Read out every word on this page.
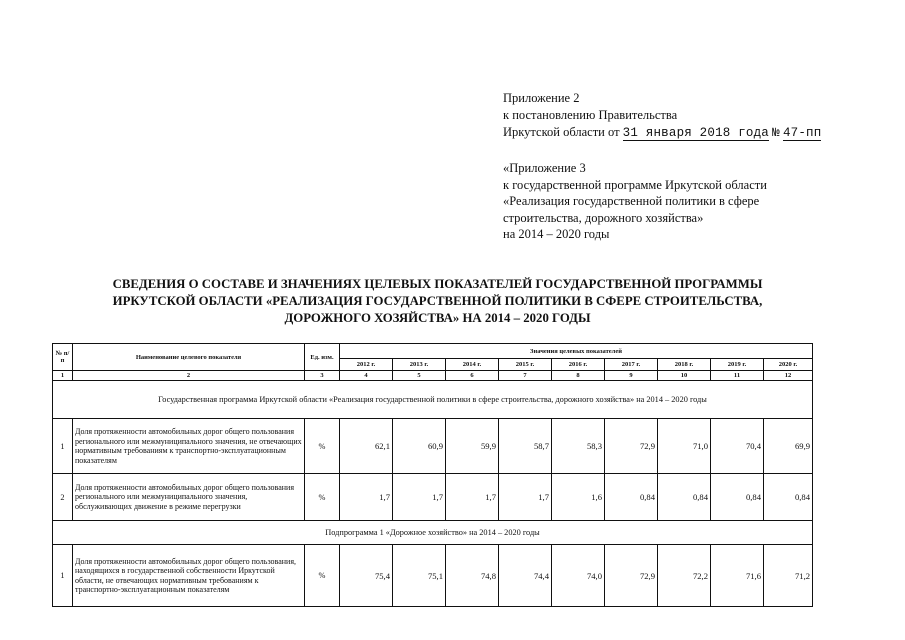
Приложение 2
к постановлению Правительства
Иркутской области от 31 января 2018 года № 47-пп
«Приложение 3
к государственной программе Иркутской области
«Реализация государственной политики в сфере
строительства, дорожного хозяйства»
на 2014 – 2020 годы
СВЕДЕНИЯ О СОСТАВЕ И ЗНАЧЕНИЯХ ЦЕЛЕВЫХ ПОКАЗАТЕЛЕЙ ГОСУДАРСТВЕННОЙ ПРОГРАММЫ
ИРКУТСКОЙ ОБЛАСТИ «РЕАЛИЗАЦИЯ ГОСУДАРСТВЕННОЙ ПОЛИТИКИ В СФЕРЕ СТРОИТЕЛЬСТВА,
ДОРОЖНОГО ХОЗЯЙСТВА» НА 2014 – 2020 ГОДЫ
№ п/п	Наименование целевого показателя	Ед. изм.	Значения целевых показателей								
			2012 г.	2013 г.	2014 г.	2015 г.	2016 г.	2017 г.	2018 г.	2019 г.	2020 г.
1	2	3	4	5	6	7	8	9	10	11	12
Государственная программа Иркутской области «Реализация государственной политики в сфере строительства, дорожного хозяйства» на 2014 – 2020 годы											
1	Доля протяженности автомобильных дорог общего пользования регионального или межмуниципального значения, не отвечающих нормативным требованиям к транспортно-эксплуатационным показателям	%	62,1	60,9	59,9	58,7	58,3	72,9	71,0	70,4	69,9
2	Доля протяженности автомобильных дорог общего пользования регионального или межмуниципального значения, обслуживающих движение в режиме перегрузки	%	1,7	1,7	1,7	1,7	1,6	0,84	0,84	0,84	0,84
Подпрограмма 1 «Дорожное хозяйство» на 2014 – 2020 годы											
1	Доля протяженности автомобильных дорог общего пользования, находящихся в государственной собственности Иркутской области, не отвечающих нормативным требованиям к транспортно-эксплуатационным показателям	%	75,4	75,1	74,8	74,4	74,0	72,9	72,2	71,6	71,2
